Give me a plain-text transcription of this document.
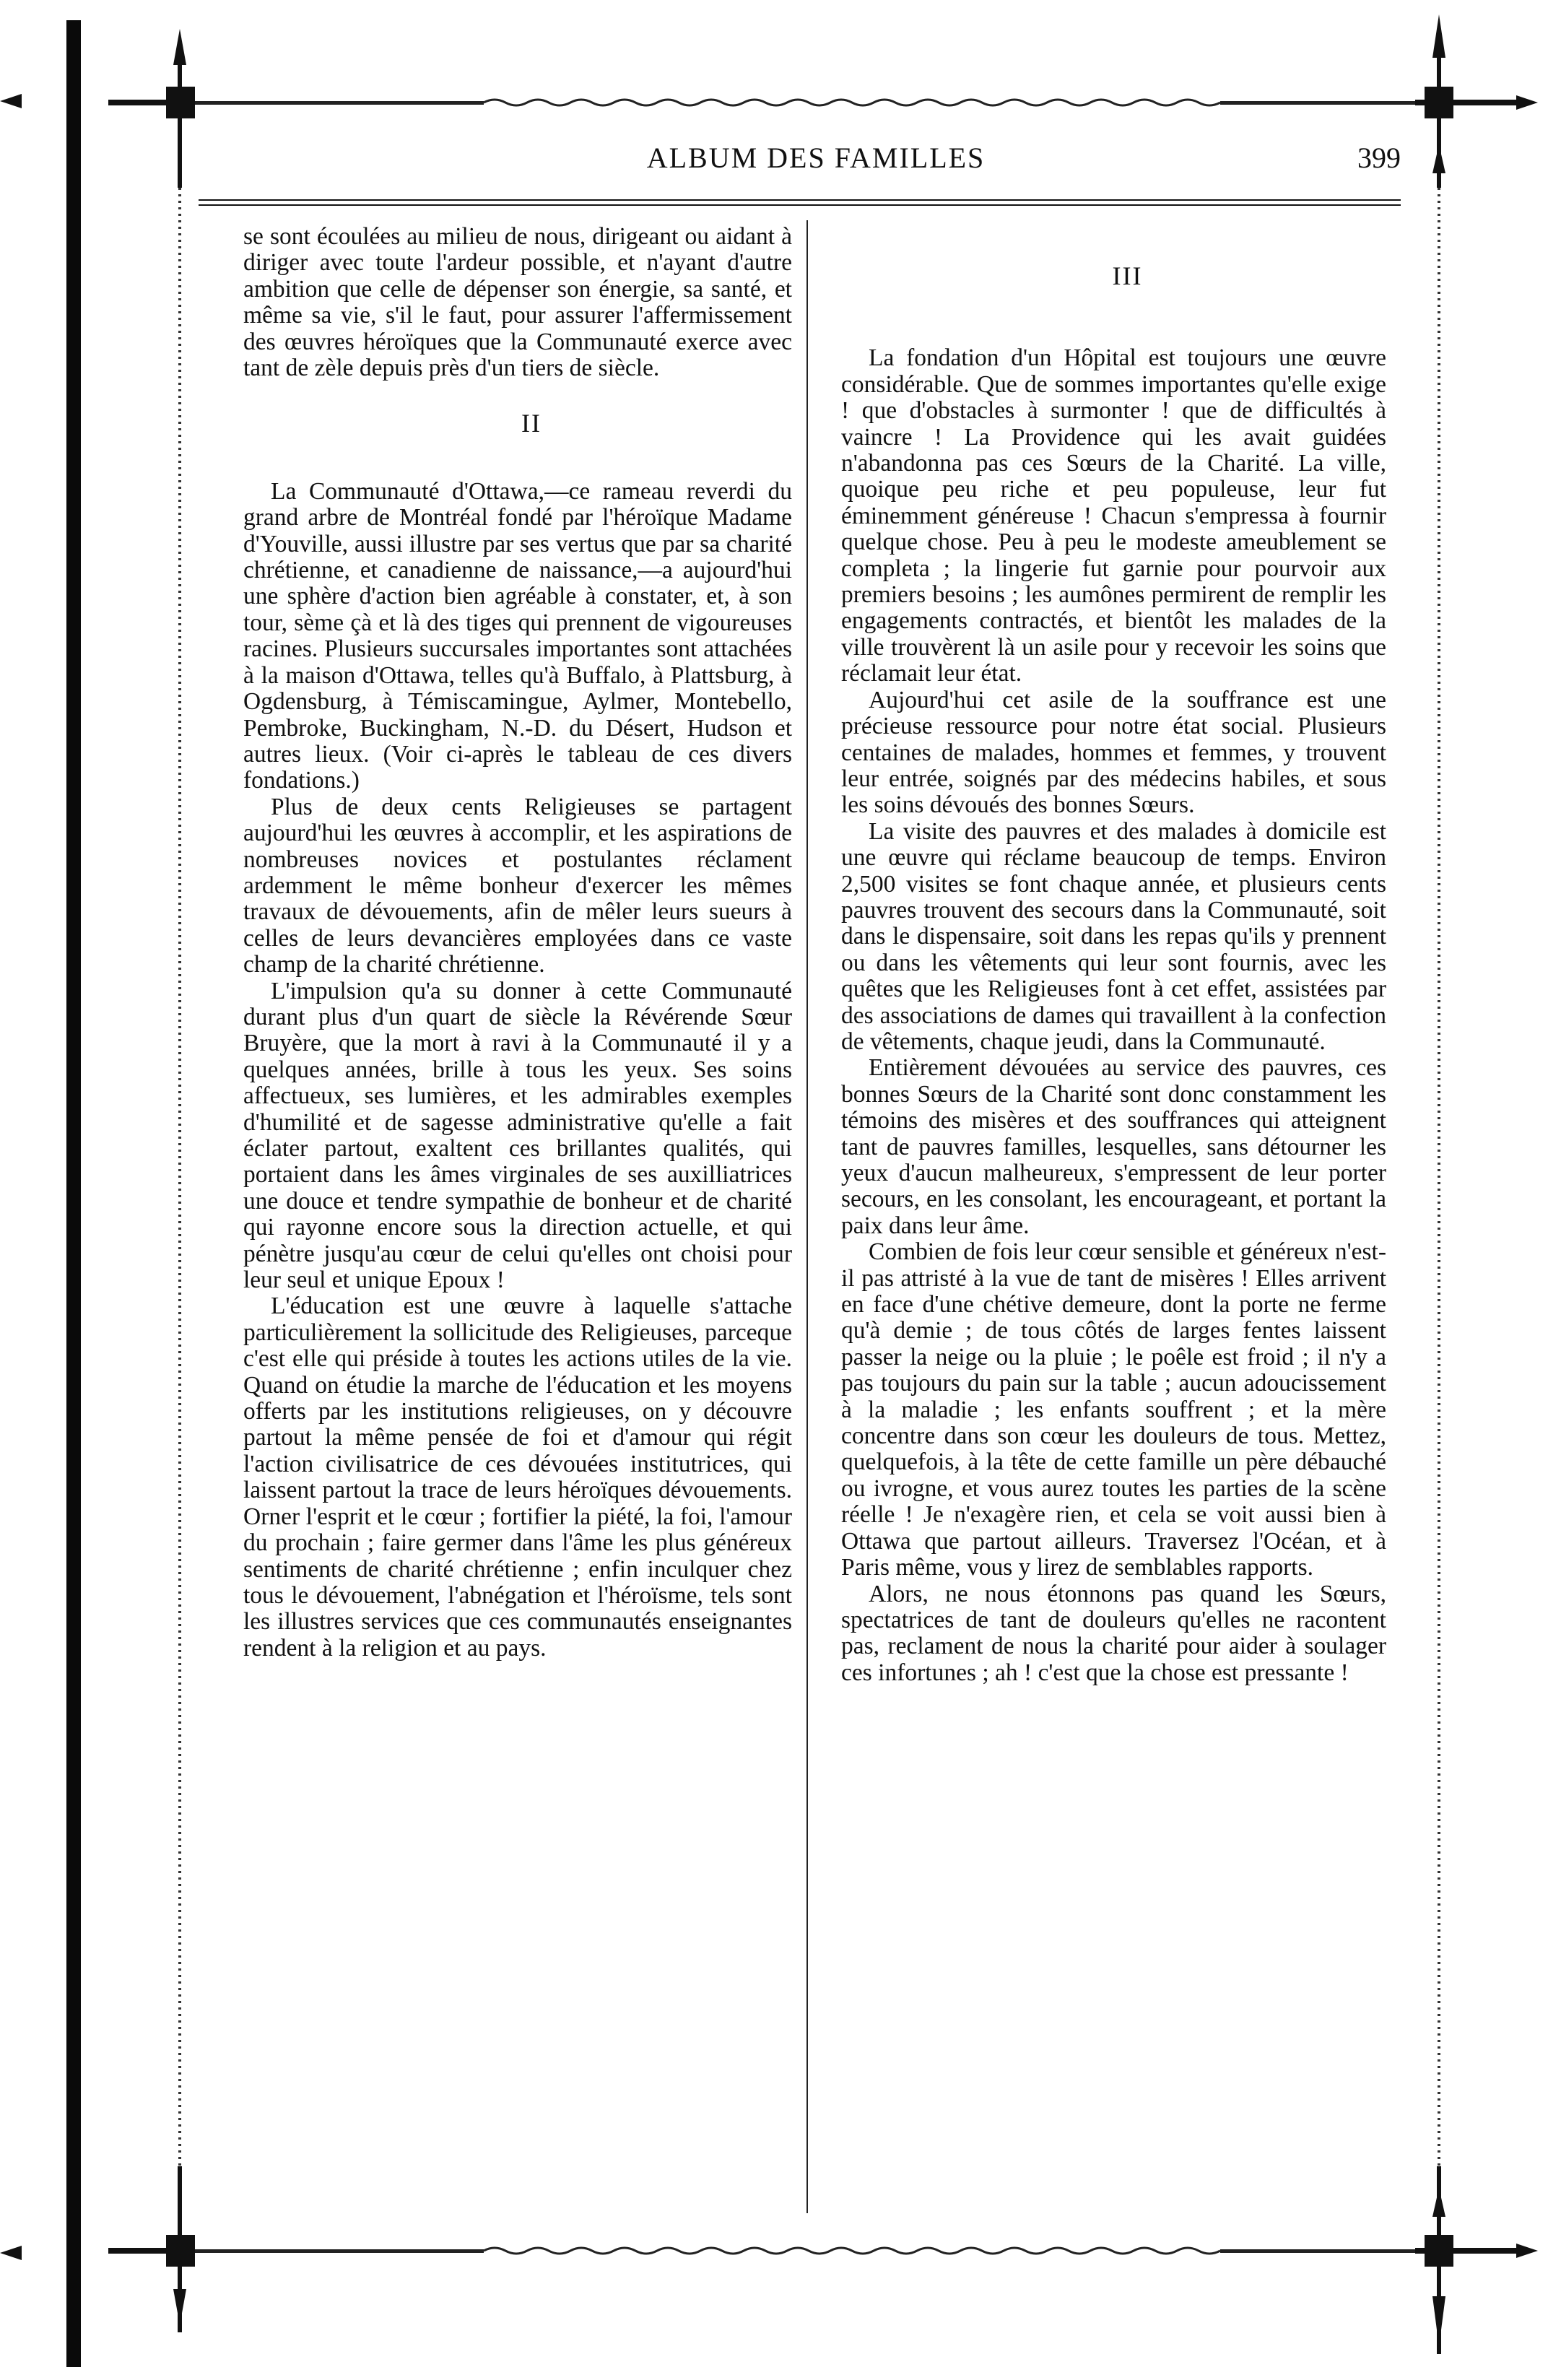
ALBUM DES FAMILLES	399

se sont écoulées au milieu de nous, dirigeant ou aidant à diriger avec toute l'ardeur possible, et n'ayant d'autre ambition que celle de dépenser son énergie, sa santé, et même sa vie, s'il le faut, pour assurer l'affermissement des œuvres héroïques que la Communauté exerce avec tant de zèle depuis près d'un tiers de siècle.

II

La Communauté d'Ottawa,—ce rameau reverdi du grand arbre de Montréal fondé par l'héroïque Madame d'Youville, aussi illustre par ses vertus que par sa charité chrétienne, et canadienne de naissance,—a aujourd'hui une sphère d'action bien agréable à constater, et, à son tour, sème çà et là des tiges qui prennent de vigoureuses racines. Plusieurs succursales importantes sont attachées à la maison d'Ottawa, telles qu'à Buffalo, à Plattsburg, à Ogdensburg, à Témiscamingue, Aylmer, Montebello, Pembroke, Buckingham, N.-D. du Désert, Hudson et autres lieux. (Voir ci-après le tableau de ces divers fondations.)

Plus de deux cents Religieuses se partagent aujourd'hui les œuvres à accomplir, et les aspirations de nombreuses novices et postulantes réclament ardemment le même bonheur d'exercer les mêmes travaux de dévouements, afin de mêler leurs sueurs à celles de leurs devancières employées dans ce vaste champ de la charité chrétienne.

L'impulsion qu'a su donner à cette Communauté durant plus d'un quart de siècle la Révérende Sœur Bruyère, que la mort à ravi à la Communauté il y a quelques années, brille à tous les yeux. Ses soins affectueux, ses lumières, et les admirables exemples d'humilité et de sagesse administrative qu'elle a fait éclater partout, exaltent ces brillantes qualités, qui portaient dans les âmes virginales de ses auxilliatrices une douce et tendre sympathie de bonheur et de charité qui rayonne encore sous la direction actuelle, et qui pénètre jusqu'au cœur de celui qu'elles ont choisi pour leur seul et unique Epoux !

L'éducation est une œuvre à laquelle s'attache particulièrement la sollicitude des Religieuses, parceque c'est elle qui préside à toutes les actions utiles de la vie. Quand on étudie la marche de l'éducation et les moyens offerts par les institutions religieuses, on y découvre partout la même pensée de foi et d'amour qui régit l'action civilisatrice de ces dévouées institutrices, qui laissent partout la trace de leurs héroïques dévouements. Orner l'esprit et le cœur ; fortifier la piété, la foi, l'amour du prochain ; faire germer dans l'âme les plus généreux sentiments de charité chrétienne ; enfin inculquer chez tous le dévouement, l'abnégation et l'héroïsme, tels sont les illustres services que ces communautés enseignantes rendent à la religion et au pays.

III

La fondation d'un Hôpital est toujours une œuvre considérable. Que de sommes importantes qu'elle exige ! que d'obstacles à surmonter ! que de difficultés à vaincre ! La Providence qui les avait guidées n'abandonna pas ces Sœurs de la Charité. La ville, quoique peu riche et peu populeuse, leur fut éminemment généreuse ! Chacun s'empressa à fournir quelque chose. Peu à peu le modeste ameublement se completa ; la lingerie fut garnie pour pourvoir aux premiers besoins ; les aumônes permirent de remplir les engagements contractés, et bientôt les malades de la ville trouvèrent là un asile pour y recevoir les soins que réclamait leur état.

Aujourd'hui cet asile de la souffrance est une précieuse ressource pour notre état social. Plusieurs centaines de malades, hommes et femmes, y trouvent leur entrée, soignés par des médecins habiles, et sous les soins dévoués des bonnes Sœurs.

La visite des pauvres et des malades à domicile est une œuvre qui réclame beaucoup de temps. Environ 2,500 visites se font chaque année, et plusieurs cents pauvres trouvent des secours dans la Communauté, soit dans le dispensaire, soit dans les repas qu'ils y prennent ou dans les vêtements qui leur sont fournis, avec les quêtes que les Religieuses font à cet effet, assistées par des associations de dames qui travaillent à la confection de vêtements, chaque jeudi, dans la Communauté.

Entièrement dévouées au service des pauvres, ces bonnes Sœurs de la Charité sont donc constamment les témoins des misères et des souffrances qui atteignent tant de pauvres familles, lesquelles, sans détourner les yeux d'aucun malheureux, s'empressent de leur porter secours, en les consolant, les encourageant, et portant la paix dans leur âme.

Combien de fois leur cœur sensible et généreux n'est-il pas attristé à la vue de tant de misères ! Elles arrivent en face d'une chétive demeure, dont la porte ne ferme qu'à demie ; de tous côtés de larges fentes laissent passer la neige ou la pluie ; le poêle est froid ; il n'y a pas toujours du pain sur la table ; aucun adoucissement à la maladie ; les enfants souffrent ; et la mère concentre dans son cœur les douleurs de tous. Mettez, quelquefois, à la tête de cette famille un père débauché ou ivrogne, et vous aurez toutes les parties de la scène réelle ! Je n'exagère rien, et cela se voit aussi bien à Ottawa que partout ailleurs. Traversez l'Océan, et à Paris même, vous y lirez de semblables rapports.

Alors, ne nous étonnons pas quand les Sœurs, spectatrices de tant de douleurs qu'elles ne racontent pas, reclament de nous la charité pour aider à soulager ces infortunes ; ah ! c'est que la chose est pressante !
